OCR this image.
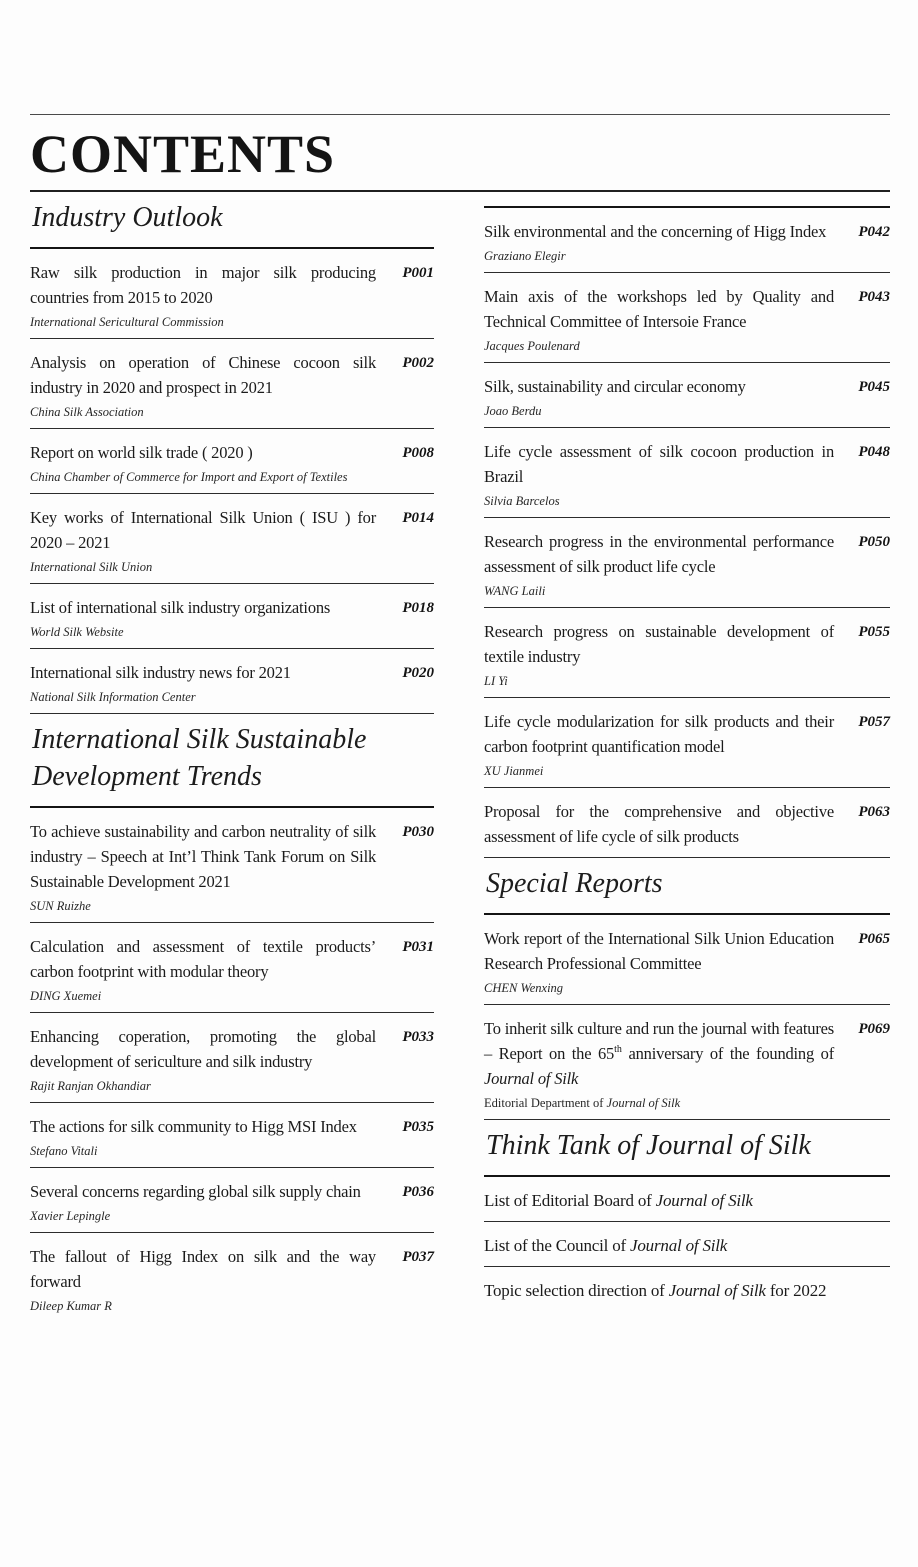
CONTENTS
Industry Outlook
Raw silk production in major silk producing countries from 2015 to 2020
International Sericultural Commission
P001
Analysis on operation of Chinese cocoon silk industry in 2020 and prospect in 2021
China Silk Association
P002
Report on world silk trade ( 2020 )
China Chamber of Commerce for Import and Export of Textiles
P008
Key works of International Silk Union ( ISU ) for 2020 – 2021
International Silk Union
P014
List of international silk industry organizations
World Silk Website
P018
International silk industry news for 2021
National Silk Information Center
P020
International Silk Sustainable Development Trends
To achieve sustainability and carbon neutrality of silk industry – Speech at Int’l Think Tank Forum on Silk Sustainable Development 2021
SUN Ruizhe
P030
Calculation and assessment of textile products’ carbon footprint with modular theory
DING Xuemei
P031
Enhancing coperation, promoting the global development of sericulture and silk industry
Rajit Ranjan Okhandiar
P033
The actions for silk community to Higg MSI Index
Stefano Vitali
P035
Several concerns regarding global silk supply chain
Xavier Lepingle
P036
The fallout of Higg Index on silk and the way forward
Dileep Kumar R
P037
Silk environmental and the concerning of Higg Index
Graziano Elegir
P042
Main axis of the workshops led by Quality and Technical Committee of Intersoie France
Jacques Poulenard
P043
Silk, sustainability and circular economy
Joao Berdu
P045
Life cycle assessment of silk cocoon production in Brazil
Silvia Barcelos
P048
Research progress in the environmental performance assessment of silk product life cycle
WANG Laili
P050
Research progress on sustainable development of textile industry
LI Yi
P055
Life cycle modularization for silk products and their carbon footprint quantification model
XU Jianmei
P057
Proposal for the comprehensive and objective assessment of life cycle of silk products
P063
Special Reports
Work report of the International Silk Union Education Research Professional Committee
CHEN Wenxing
P065
To inherit silk culture and run the journal with features – Report on the 65th anniversary of the founding of Journal of Silk
Editorial Department of Journal of Silk
P069
Think Tank of Journal of Silk
List of Editorial Board of Journal of Silk
List of the Council of Journal of Silk
Topic selection direction of Journal of Silk for 2022
